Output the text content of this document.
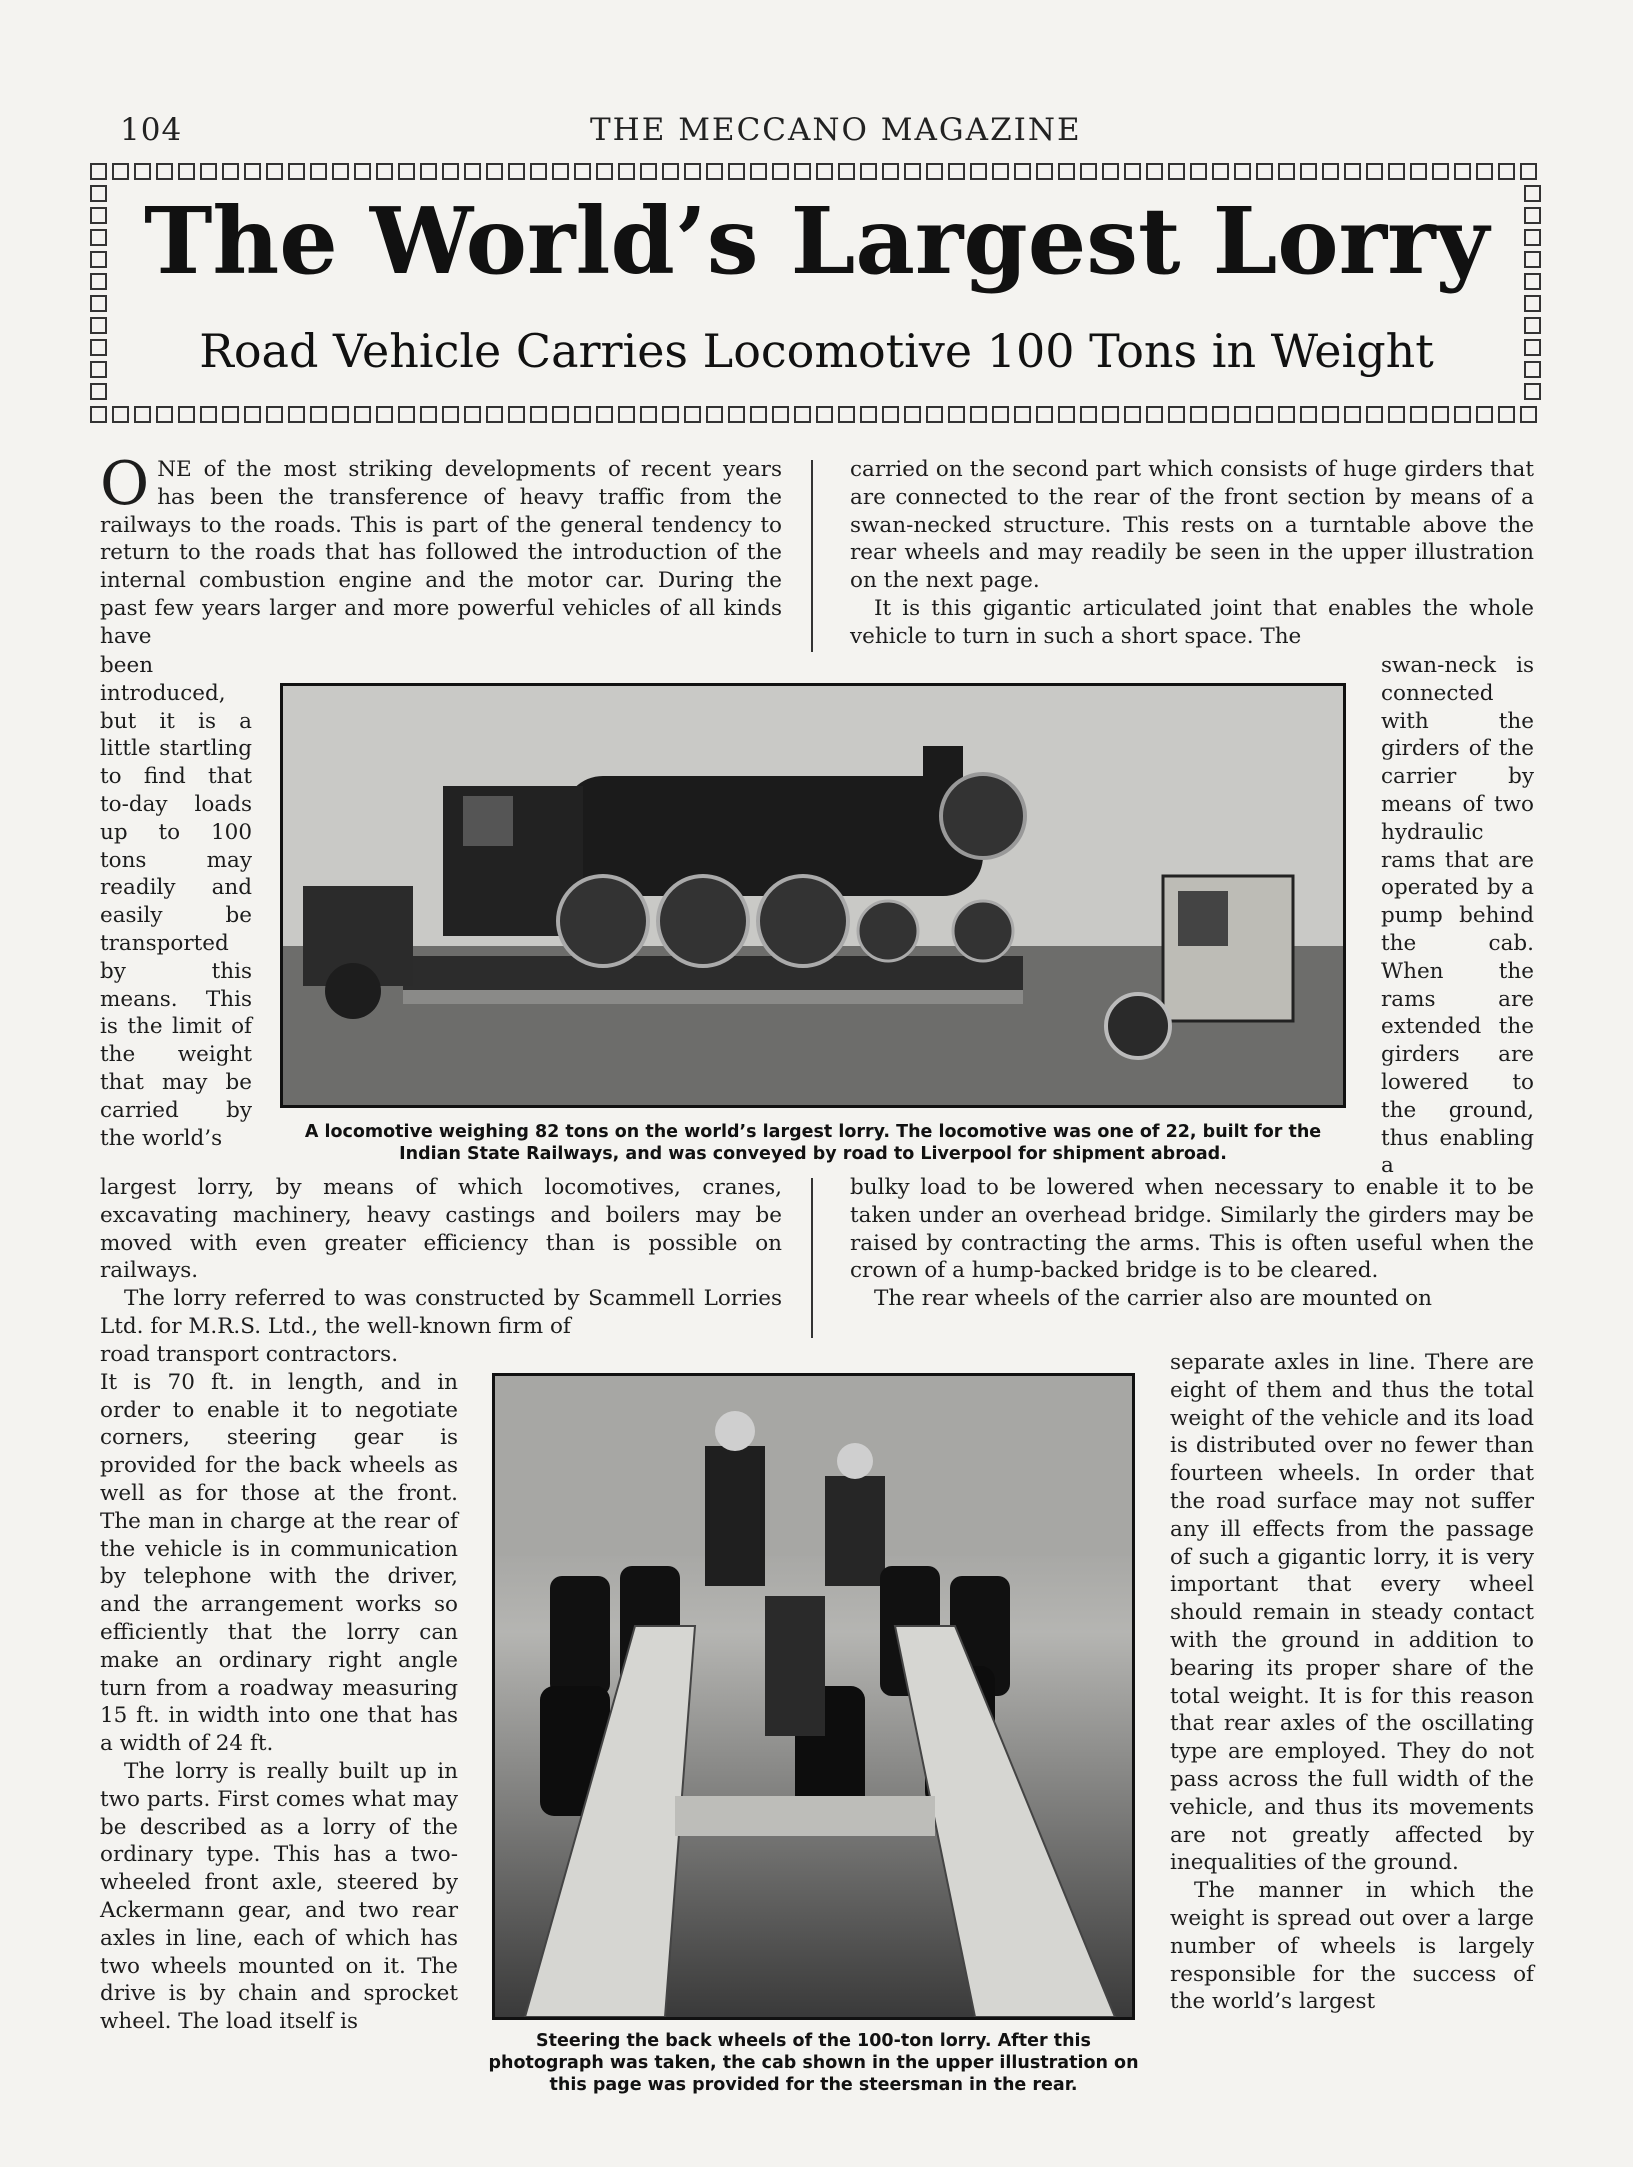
104	THE MECCANO MAGAZINE
The World’s Largest Lorry
Road Vehicle Carries Locomotive 100 Tons in Weight

ONE of the most striking developments of recent years has been the transference of heavy traffic from the railways to the roads. This is part of the general tendency to return to the roads that has followed the introduction of the internal combustion engine and the motor car. During the past few years larger and more powerful vehicles of all kinds have

been introduced, but it is a little startling to find that to-day loads up to 100 tons may readily and easily be transported by this means. This is the limit of the weight that may be carried by the world’s

carried on the second part which consists of huge girders that are connected to the rear of the front section by means of a swan-necked structure. This rests on a turntable above the rear wheels and may readily be seen in the upper illustration on the next page.

It is this gigantic articulated joint that enables the whole vehicle to turn in such a short space. The

swan-neck is connected with the girders of the carrier by means of two hydraulic rams that are operated by a pump behind the cab. When the rams are extended the girders are lowered to the ground, thus enabling a
A locomotive weighing 82 tons on the world’s largest lorry. The locomotive was one of 22, built for the Indian State Railways, and was conveyed by road to Liverpool for shipment abroad.

largest lorry, by means of which locomotives, cranes, excavating machinery, heavy castings and boilers may be moved with even greater efficiency than is possible on railways.

The lorry referred to was constructed by Scammell Lorries Ltd. for M.R.S. Ltd., the well-known firm of

bulky load to be lowered when necessary to enable it to be taken under an overhead bridge. Similarly the girders may be raised by contracting the arms. This is often useful when the crown of a hump-backed bridge is to be cleared.

The rear wheels of the carrier also are mounted on

road transport contractors.

It is 70 ft. in length, and in order to enable it to negotiate corners, steering gear is provided for the back wheels as well as for those at the front. The man in charge at the rear of the vehicle is in communication by telephone with the driver, and the arrangement works so efficiently that the lorry can make an ordinary right angle turn from a roadway measuring 15 ft. in width into one that has a width of 24 ft.

The lorry is really built up in two parts. First comes what may be described as a lorry of the ordinary type. This has a two-wheeled front axle, steered by Ackermann gear, and two rear axles in line, each of which has two wheels mounted on it. The drive is by chain and sprocket wheel. The load itself is

Steering the back wheels of the 100-ton lorry. After this photograph was taken, the cab shown in the upper illustration on this page was provided for the steersman in the rear.

separate axles in line. There are eight of them and thus the total weight of the vehicle and its load is distributed over no fewer than fourteen wheels. In order that the road surface may not suffer any ill effects from the passage of such a gigantic lorry, it is very important that every wheel should remain in steady contact with the ground in addition to bearing its proper share of the total weight. It is for this reason that rear axles of the oscillating type are employed. They do not pass across the full width of the vehicle, and thus its movements are not greatly affected by inequalities of the ground.

The manner in which the weight is spread out over a large number of wheels is largely responsible for the success of the world’s largest
